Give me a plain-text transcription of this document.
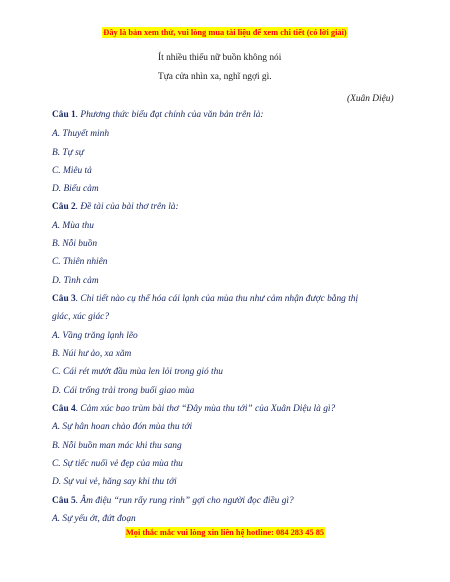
Đây là bản xem thử, vui lòng mua tài liệu để xem chi tiết (có lời giải)
Ít nhiều thiếu nữ buồn không nói
Tựa cửa nhìn xa, nghĩ ngợi gì.
(Xuân Diệu)
Câu 1. Phương thức biểu đạt chính của văn bản trên là:
A. Thuyết minh
B. Tự sự
C. Miêu tả
D. Biểu cảm
Câu 2. Đề tài của bài thơ trên là:
A. Mùa thu
B. Nỗi buồn
C. Thiên nhiên
D. Tình cảm
Câu 3. Chi tiết nào cụ thể hóa cái lạnh của mùa thu như cảm nhận được bằng thị
giác, xúc giác?
A. Vầng trăng lạnh lẽo
B. Núi hư ảo, xa xăm
C. Cái rét mướt đầu mùa len lỏi trong gió thu
D. Cái trống trải trong buổi giao mùa
Câu 4. Cảm xúc bao trùm bài thơ “Đây mùa thu tới” của Xuân Diệu là gì?
A. Sự hân hoan chào đón mùa thu tới
B. Nỗi buồn man mác khi thu sang
C. Sự tiếc nuối vẻ đẹp của mùa thu
D. Sự vui vẻ, hăng say khi thu tới
Câu 5. Âm điệu “run rẩy rung rinh” gợi cho người đọc điều gì?
A. Sự yếu ớt, đứt đoạn
Mọi thắc mắc vui lòng xin liên hệ hotline: 084 283 45 85
